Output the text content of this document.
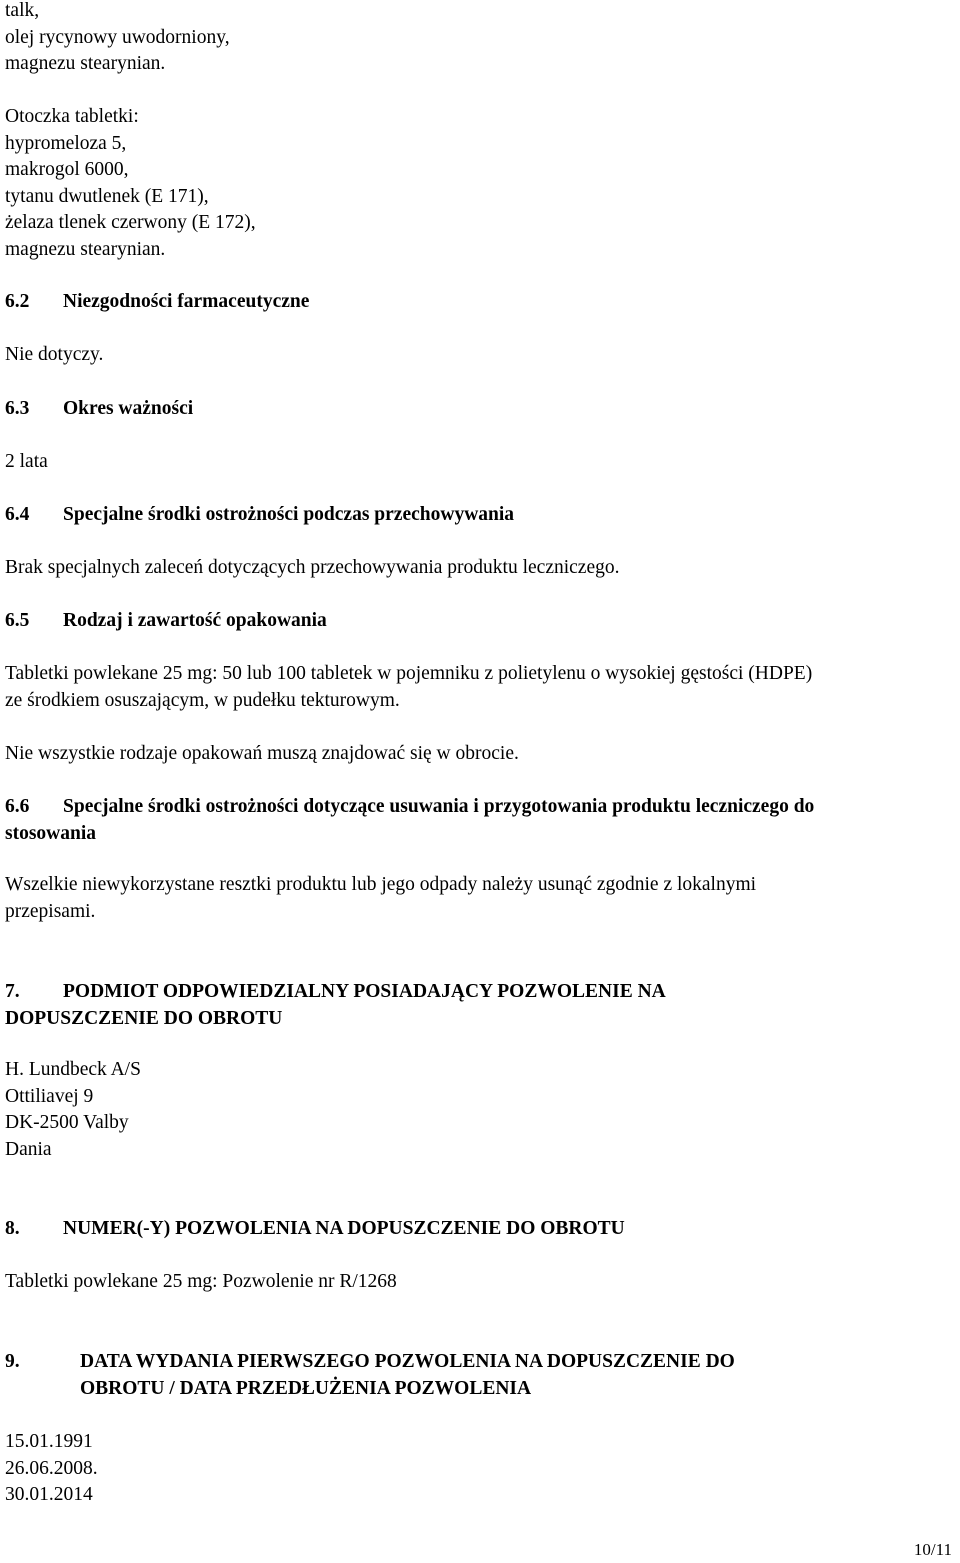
talk,
olej rycynowy uwodorniony,
magnezu stearynian.
Otoczka tabletki:
hypromeloza 5,
makrogol 6000,
tytanu dwutlenek (E 171),
żelaza tlenek czerwony (E 172),
magnezu stearynian.
6.2 Niezgodności farmaceutyczne
Nie dotyczy.
6.3 Okres ważności
2 lata
6.4 Specjalne środki ostrożności podczas przechowywania
Brak specjalnych zaleceń dotyczących przechowywania produktu leczniczego.
6.5 Rodzaj i zawartość opakowania
Tabletki powlekane 25 mg: 50 lub 100 tabletek w pojemniku z polietylenu o wysokiej gęstości (HDPE)
ze środkiem osuszającym, w pudełku tekturowym.
Nie wszystkie rodzaje opakowań muszą znajdować się w obrocie.
6.6 Specjalne środki ostrożności dotyczące usuwania i przygotowania produktu leczniczego do
stosowania
Wszelkie niewykorzystane resztki produktu lub jego odpady należy usunąć zgodnie z lokalnymi
przepisami.
7. PODMIOT ODPOWIEDZIALNY POSIADAJĄCY POZWOLENIE NA
DOPUSZCZENIE DO OBROTU
H. Lundbeck A/S
Ottiliavej 9
DK-2500 Valby
Dania
8. NUMER(-Y) POZWOLENIA NA DOPUSZCZENIE DO OBROTU
Tabletki powlekane 25 mg: Pozwolenie nr R/1268
9.	DATA WYDANIA PIERWSZEGO POZWOLENIA NA DOPUSZCZENIE DO
OBROTU / DATA PRZEDŁUŻENIA POZWOLENIA
15.01.1991
26.06.2008.
30.01.2014
10/11
